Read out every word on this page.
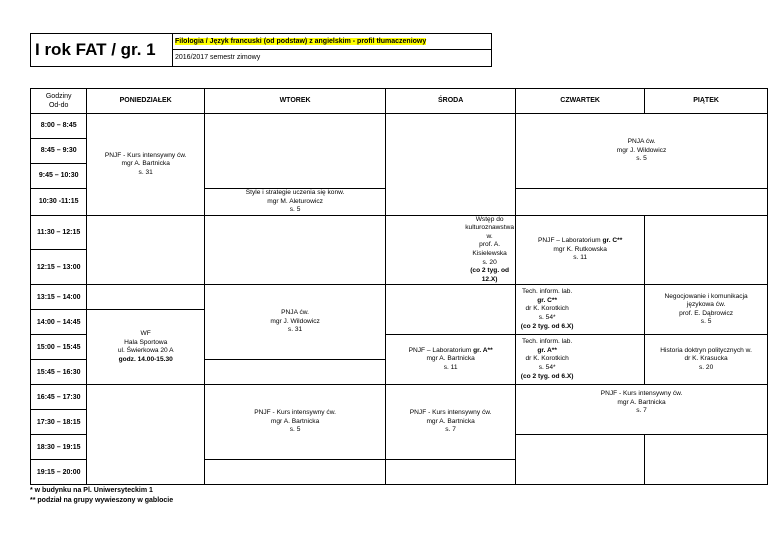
I rok FAT / gr. 1	Filologia / Język francuski (od podstaw) z angielskim - profil tłumaczeniowy
2016/2017 semestr zimowy
Godziny
Od-do	PONIEDZIAŁEK	WTOREK	ŚRODA	CZWARTEK	PIĄTEK
8:00 – 8:45	PNJF - Kurs intensywny ćw.
mgr A. Bartnicka
s. 31			PNJA ćw.
mgr J. Wildowicz
s. 5	
8:45 – 9:30					
9:45 – 10:30					
10:30 -11:15		Style i strategie uczenia się konw.
mgr M. Aleturowicz
s. 5			
11:30 – 12:15			Wstęp do
kulturoznawstwa w.
prof. A. Kisielewska
s. 20
(co 2 tyg. od 12.X)	PNJF – Laboratorium gr. C**
mgr K. Rutkowska
s. 11	
12:15 – 13:00					
13:15 – 14:00		PNJA ćw.
mgr J. Wildowicz
s. 31		Tech. inform. lab.
gr. C**
dr K. Korotkich
s. 54*
(co 2 tyg. od 6.X)	Negocjowanie i komunikacja
językowa ćw.
prof. E. Dąbrowicz
s. 5
14:00 – 14:45	WF
Hala Sportowa
ul. Świerkowa 20 A
godz. 14.00-15.30				
15:00 – 15:45			PNJF – Laboratorium gr. A**
mgr A. Bartnicka
s. 11	Tech. inform. lab.
gr. A**
dr K. Korotkich
s. 54*
(co 2 tyg. od 6.X)	Historia doktryn politycznych w.
dr K. Krasucka
s. 20
15:45 – 16:30					
16:45 – 17:30		PNJF - Kurs intensywny ćw.
mgr A. Bartnicka
s. 5	PNJF - Kurs intensywny ćw.
mgr A. Bartnicka
s. 7	PNJF - Kurs intensywny ćw.
mgr A. Bartnicka
s. 7	
17:30 – 18:15					
18:30 – 19:15					
19:15 – 20:00					
* w budynku na Pl. Uniwersyteckim 1
** podział na grupy wywieszony w gablocie
